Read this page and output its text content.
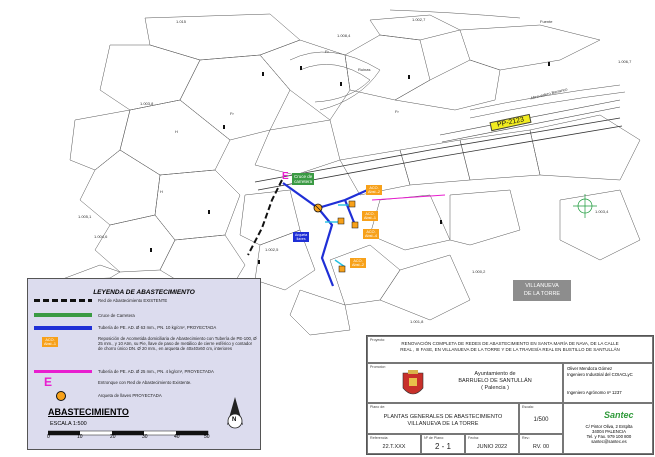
PP-2123
Abrevadero Barranco
Fuente
Fr
Fr
H
H
Ruinas
Fr
1.015
1.005,1
1.003,8
1.008,4
1.002,5
1.001,8
1.000,2
1.004,6
1.003,4
1.002,7
1.006,7
Cruce de
carretera
ACO.
Abst.-2
ACO.
Abst.-1
ACO.
Abst.-4
ACO.
Abst.-2
Arqueta
llaves
E
VILLANUEVA
DE LA TORRE
LEYENDA DE ABASTECIMIENTO
Red de Abastecimiento EXISTENTE
Cruce de Carretera
Tubería de PE. AD. Ø 63 mm., PN. 10 kg/cm², PROYECTADA
ACO.
Abst.-1
Reposición de Acometida domiciliaria de Abastecimiento con Tubería de PE-100, Ø 25 mm., y 10 Atm, su Pie, llave de paso de metálico de cierre esférico y contador de chorro único DN. Ø 20 mm., en arqueta de 40x40x60 cm, interiores
Tubería de PE. AD. Ø 25 mm., PN. 4 kg/cm², PROYECTADA
E	Entronque con Red de Abastecimiento Existente.
Arqueta de llaves PROYECTADA
ABASTECIMIENTO
ESCALA 1:500
0	10	20	30	40	50
N
Proyecto:
RENOVACIÓN COMPLETA DE REDES DE ABASTECIMIENTO EN SANTA MARÍA DE NAVA, DE LA CALLE REAL , III FASE, EN VILLANUEVA DE LA TORRE Y DE LA TRAVESÍA REAL EN BUSTILLO DE SANTULLÁN
Promotor:
Ayuntamiento de
BARRUELO DE SANTULLÁN
( Palencia )
Oliver Mendoza Gómez
Ingeniero Industrial del COIACLyC
Ingeniero Agrónomo nº 1237
Plano de:
PLANTAS GENERALES DE ABASTECIMIENTO
VILLANUEVA DE LA TORRE
Escala:
1/500
Referencia:
22.T.XXX
Nº de Plano:
2 - 1
Fecha:
JUNIO 2022
Rev.:
RV. 00
Santec
C/ Pintor Oliva, 2 Entplta
34004 PALENCIA
Tel. y Fax. 979 100 800
santec@santec.es
